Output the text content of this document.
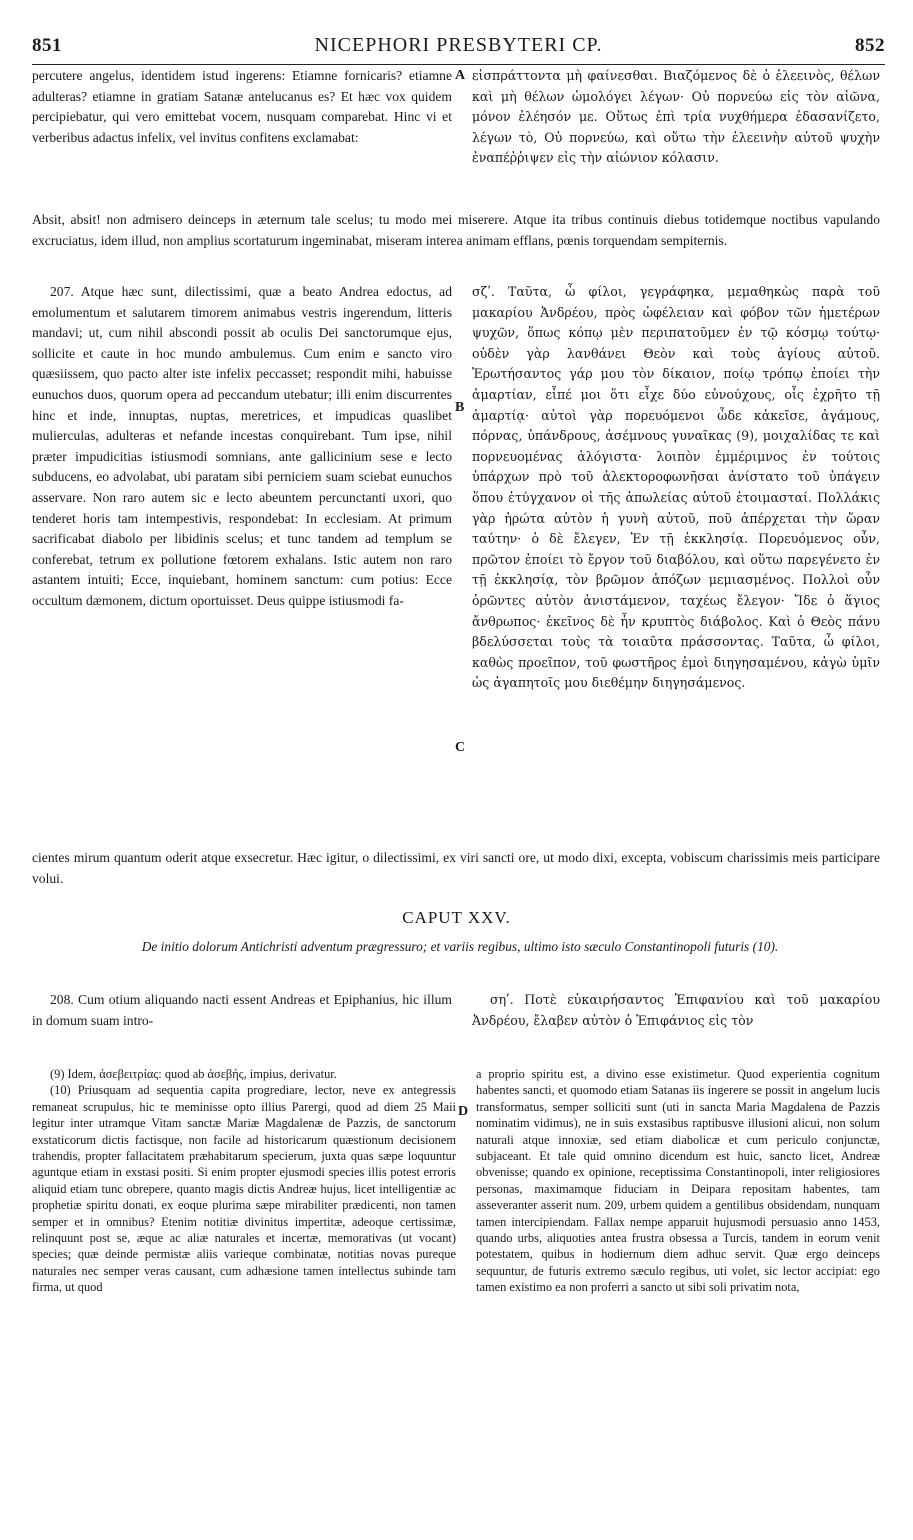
851	NICEPHORI PRESBYTERI CP.	852

percutere angelus, identidem istud ingerens: Etiamne fornicaris? etiamne adulteras? etiamne in gratiam Satanæ antelucanus es? Et hæc vox quidem percipiebatur, qui vero emittebat vocem, nusquam comparebat. Hinc vi et verberibus adactus infelix, vel invitus confitens exclamabat:

A εἰσπράττοντα μὴ φαίνεσθαι. Βιαζόμενος δὲ ὁ ἐλεεινὸς, θέλων καὶ μὴ θέλων ὡμολόγει λέγων· Οὐ πορνεύω εἰς τὸν αἰῶνα, μόνον ἐλέησόν με. Οὕτως ἐπὶ τρία νυχθήμερα ἐδασανίζετο, λέγων τὸ, Οὐ πορνεύω, καὶ οὕτω τὴν ἐλεεινὴν αὐτοῦ ψυχὴν ἐναπέῤῥιψεν εἰς τὴν αἰώνιον κόλασιν.

Absit, absit! non admisero deinceps in æternum tale scelus; tu modo mei miserere. Atque ita tribus continuis diebus totidemque noctibus vapulando excruciatus, idem illud, non amplius scortaturum ingeminabat, miseram interea animam efflans, pœnis torquendam sempiternis.

207. Atque hæc sunt, dilectissimi, quæ a beato Andrea edoctus, ad emolumentum et salutarem timorem animabus vestris ingerendum, litteris mandavi; ut, cum nihil abscondi possit ab oculis Dei sanctorumque ejus, sollicite et caute in hoc mundo ambulemus. Cum enim e sancto viro quæsiissem, quo pacto alter iste infelix peccasset; respondit mihi, habuisse eunuchos duos, quorum opera ad peccandum utebatur; illi enim discurrentes hinc et inde, innuptas, nuptas, meretrices, et impudicas quaslibet mulierculas, adulteras et nefande incestas conquirebant. Tum ipse, nihil præter impudicitias istiusmodi somnians, ante gallicinium sese e lecto subducens, eo advolabat, ubi paratam sibi perniciem suam sciebat eunuchos asservare. Non raro autem sic e lecto abeuntem percunctanti uxori, quo tenderet horis tam intempestivis, respondebat: In ecclesiam. At primum sacrificabat diabolo per libidinis scelus; et tunc tandem ad templum se conferebat, tetrum ex pollutione fœtorem exhalans. Istic autem non raro astantem intuiti; Ecce, inquiebant, hominem sanctum: cum potius: Ecce occultum dæmonem, dictum oportuisset. Deus quippe istiusmodi fa-

B
C

σζʹ. Ταῦτα, ὦ φίλοι, γεγράφηκα, μεμαθηκὼς παρὰ τοῦ μακαρίου Ἀνδρέου, πρὸς ὠφέλειαν καὶ φόβον τῶν ἡμετέρων ψυχῶν, ὅπως κόπῳ μὲν περιπατοῦμεν ἐν τῷ κόσμῳ τούτῳ· οὐδὲν γὰρ λανθάνει Θεὸν καὶ τοὺς ἁγίους αὐτοῦ. Ἐρωτήσαντος γάρ μου τὸν δίκαιον, ποίῳ τρόπῳ ἐποίει τὴν ἁμαρτίαν, εἶπέ μοι ὅτι εἶχε δύο εὐνούχους, οἷς ἐχρῆτο τῇ ἁμαρτίᾳ· αὐτοὶ γὰρ πορευόμενοι ὧδε κἀκεῖσε, ἀγάμους, πόρνας, ὑπάνδρους, ἀσέμνους γυναῖκας (9), μοιχαλίδας τε καὶ πορνευομένας ἀλόγιστα· λοιπὸν ἐμμέριμνος ἐν τούτοις ὑπάρχων πρὸ τοῦ ἀλεκτοροφωνῆσαι ἀνίστατο τοῦ ὑπάγειν ὅπου ἐτύγχανον οἱ τῆς ἀπωλείας αὐτοῦ ἑτοιμασταί. Πολλάκις γὰρ ἠρώτα αὐτὸν ἡ γυνὴ αὐτοῦ, ποῦ ἀπέρχεται τὴν ὥραν ταύτην· ὁ δὲ ἔλεγεν, Ἐν τῇ ἐκκλησίᾳ. Πορευόμενος οὖν, πρῶτον ἐποίει τὸ ἔργον τοῦ διαβόλου, καὶ οὕτω παρεγένετο ἐν τῇ ἐκκλησίᾳ, τὸν βρῶμον ἀπόζων μεμιασμένος. Πολλοὶ οὖν ὁρῶντες αὐτὸν ἀνιστάμενον, ταχέως ἔλεγον· Ἴδε ὁ ἅγιος ἄνθρωπος· ἐκεῖνος δὲ ἦν κρυπτὸς διάβολος. Καὶ ὁ Θεὸς πάνυ βδελύσσεται τοὺς τὰ τοιαῦτα πράσσοντας. Ταῦτα, ὦ φίλοι, καθὼς προεῖπον, τοῦ φωστῆρος ἐμοὶ διηγησαμένου, κἀγὼ ὑμῖν ὡς ἀγαπητοῖς μου διεθέμην διηγησάμενος.

cientes mirum quantum oderit atque exsecretur. Hæc igitur, o dilectissimi, ex viri sancti ore, ut modo dixi, excepta, vobiscum charissimis meis participare volui.

CAPUT XXV.
De initio dolorum Antichristi adventum prægressuro; et variis regibus, ultimo isto sæculo Constantinopoli futuris (10).

208. Cum otium aliquando nacti essent Andreas et Epiphanius, hic illum in domum suam intro-

σηʹ. Ποτὲ εὐκαιρήσαντος Ἐπιφανίου καὶ τοῦ μακαρίου Ἀνδρέου, ἔλαβεν αὐτὸν ὁ Ἐπιφάνιος εἰς τὸν

(9) Idem, ἀσεβειτρίας: quod ab ἀσεβής, impius, derivatur.

(10) Priusquam ad sequentia capita progrediare, lector, neve ex antegressis remaneat scrupulus, hic te meminisse opto illius Parergi, quod ad diem 25 Maii legitur inter utramque Vitam sanctæ Mariæ Magdalenæ de Pazzis, de sanctorum exstaticorum dictis factisque, non facile ad historicarum quæstionum decisionem trahendis, propter fallacitatem præhabitarum specierum, juxta quas sæpe loquuntur aguntque etiam in exstasi positi. Si enim propter ejusmodi species illis potest erroris aliquid etiam tunc obrepere, quanto magis dictis Andreæ hujus, licet intelligentiæ ac prophetiæ spiritu donati, ex eoque plurima sæpe mirabiliter prædicenti, non tamen semper et in omnibus? Etenim notitiæ divinitus impertitæ, adeoque certissimæ, relinquunt post se, æque ac aliæ naturales et incertæ, memorativas (ut vocant) species; quæ deinde permistæ aliis varieque combinatæ, notitias novas pureque naturales nec semper veras causant, cum adhæsione tamen intellectus subinde tam firma, ut quod

D

a proprio spiritu est, a divino esse existimetur. Quod experientia cognitum habentes sancti, et quomodo etiam Satanas iis ingerere se possit in angelum lucis transformatus, semper solliciti sunt (uti in sancta Maria Magdalena de Pazzis nominatim vidimus), ne in suis exstasibus raptibusve illusioni alicui, non solum naturali atque innoxiæ, sed etiam diabolicæ et cum periculo conjunctæ, subjaceant. Et tale quid omnino dicendum est huic, sancto licet, Andreæ obvenisse; quando ex opinione, receptissima Constantinopoli, inter religiosiores personas, maximamque fiduciam in Deipara repositam habentes, tam asseveranter asserit num. 209, urbem quidem a gentilibus obsidendam, nunquam tamen intercipiendam. Fallax nempe apparuit hujusmodi persuasio anno 1453, quando urbs, aliquoties antea frustra obsessa a Turcis, tandem in eorum venit potestatem, quibus in hodiernum diem adhuc servit. Quæ ergo deinceps sequuntur, de futuris extremo sæculo regibus, uti volet, sic lector accipiat: ego tamen existimo ea non proferri a sancto ut sibi soli privatim nota,
